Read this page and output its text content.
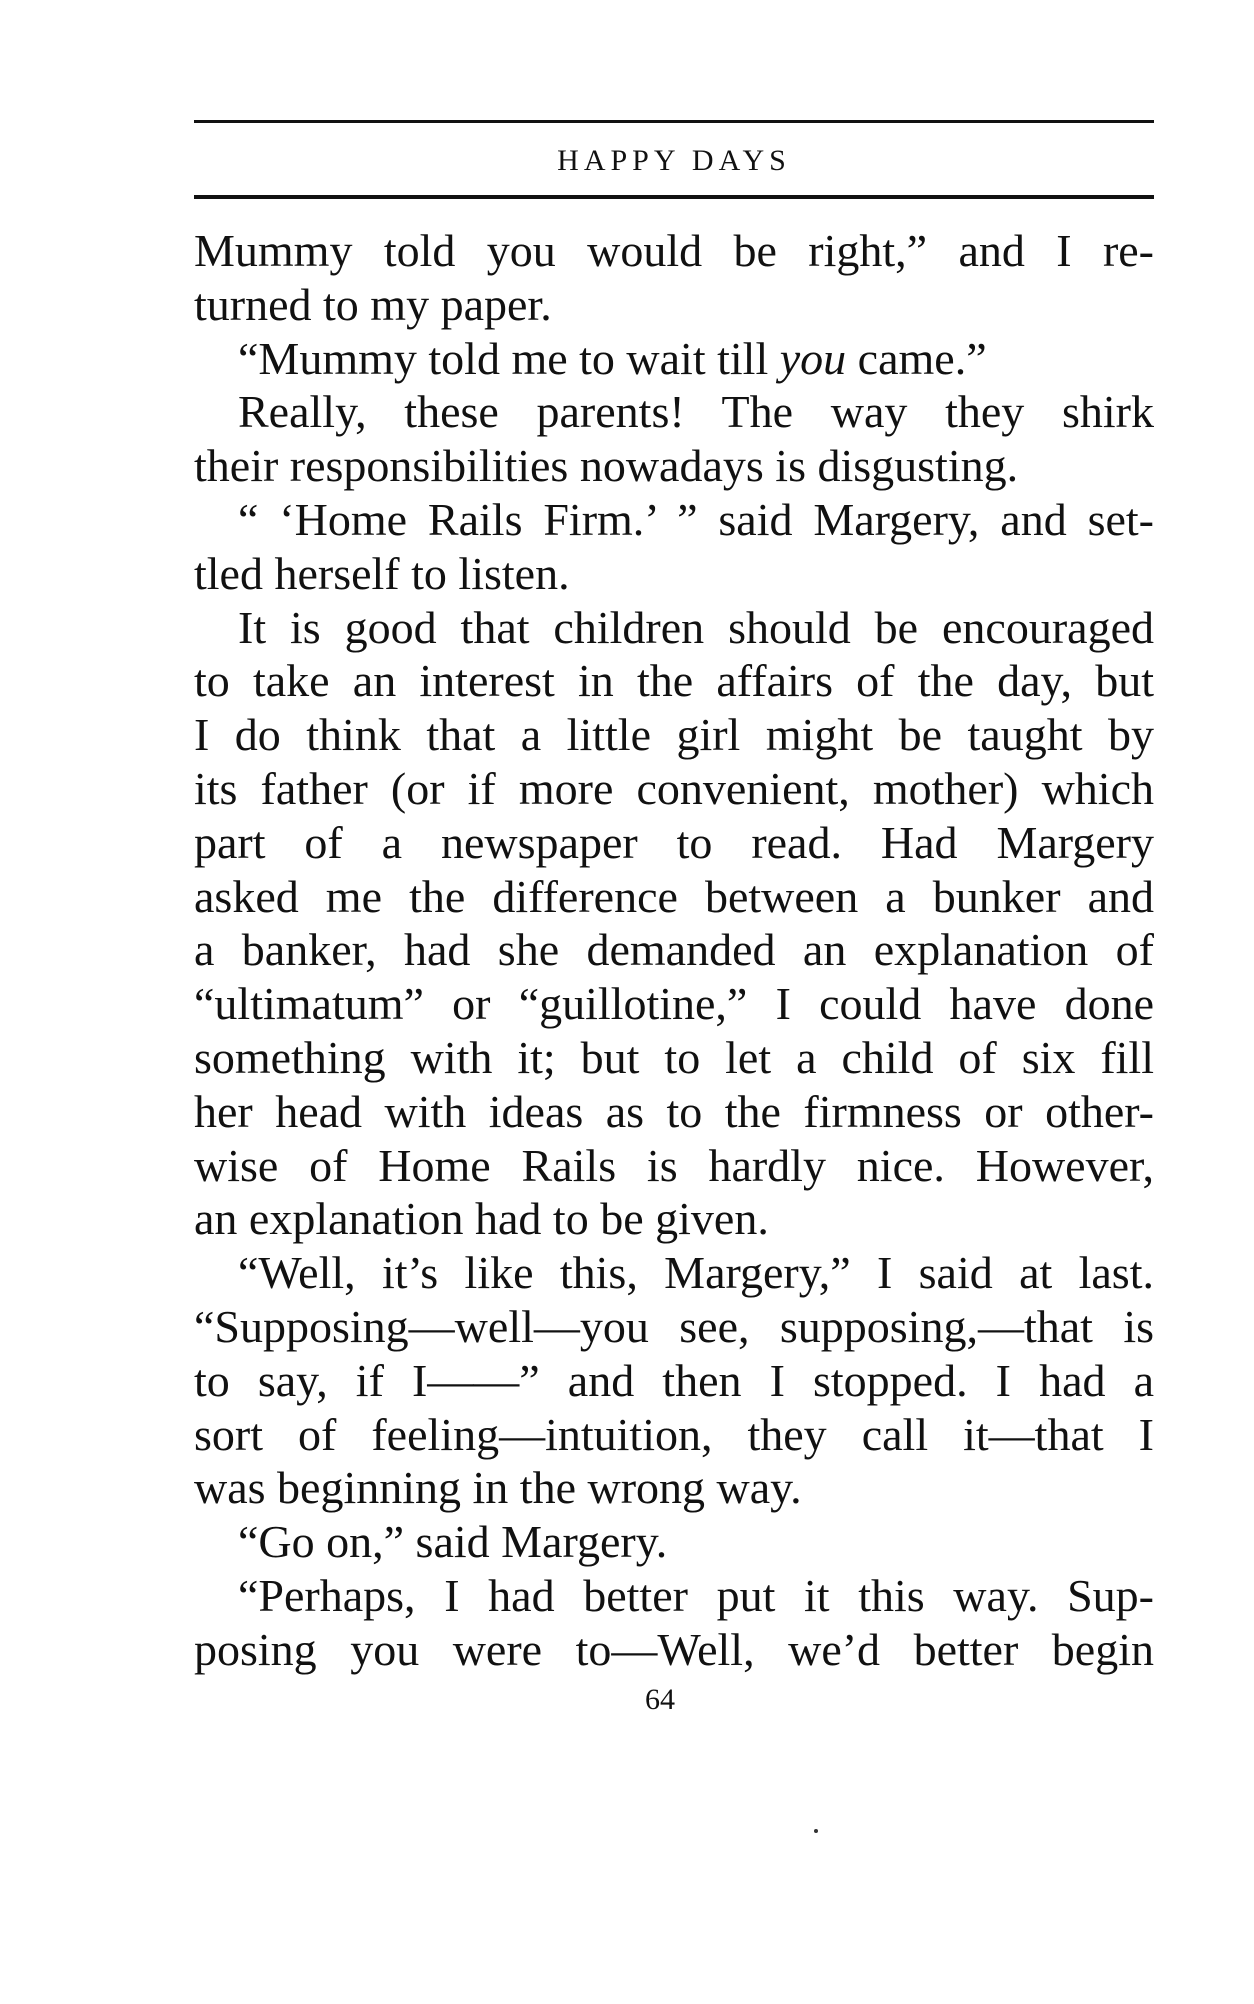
HAPPY DAYS
Mummy told you would be right,” and I re-
turned to my paper.
“Mummy told me to wait till you came.”
Really, these parents! The way they shirk
their responsibilities nowadays is disgusting.
“ ‘Home Rails Firm.’ ” said Margery, and set-
tled herself to listen.
It is good that children should be encouraged
to take an interest in the affairs of the day, but
I do think that a little girl might be taught by
its father (or if more convenient, mother) which
part of a newspaper to read. Had Margery
asked me the difference between a bunker and
a banker, had she demanded an explanation of
“ultimatum” or “guillotine,” I could have done
something with it; but to let a child of six fill
her head with ideas as to the firmness or other-
wise of Home Rails is hardly nice. However,
an explanation had to be given.
“Well, it’s like this, Margery,” I said at last.
“Supposing—well—you see, supposing,—that is
to say, if I——” and then I stopped. I had a
sort of feeling—intuition, they call it—that I
was beginning in the wrong way.
“Go on,” said Margery.
“Perhaps, I had better put it this way. Sup-
posing you were to—Well, we’d better begin
64
